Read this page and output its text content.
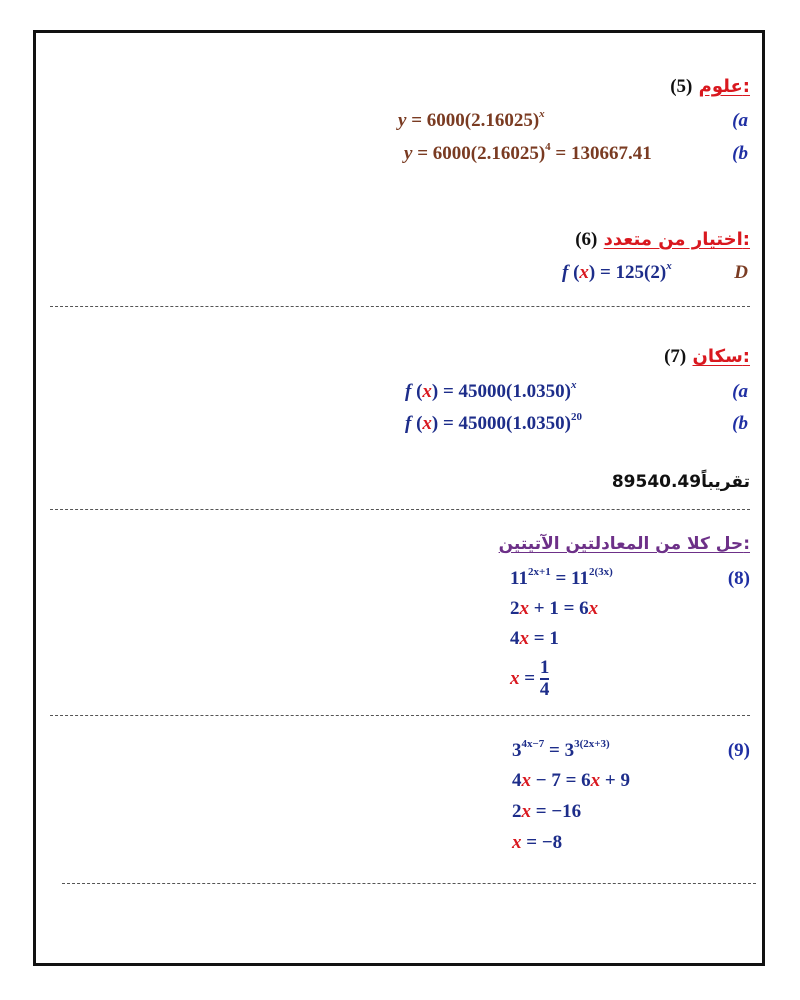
(5) علوم:
$y = 6000(2.16025)^x$	(a
$y = 6000(2.16025)^4 = 130667.41$	(b
(6) اختيار من متعدد:
f $(x) = 125(2)^x$	D
(7) سكان:
f $(x) = 45000(1.0350)^x$	(a
f $(x) = 45000(1.0350)^{20}$	(b
تقريباً89540.49
حل كلا من المعادلتين الآتيتين:
(8)
$11^{2x+1} = 11^{2(3x)}$
2x + 1 = 6x
4x = 1
$x = \frac{1}{4}$
(9)
$3^{4x-7} = 3^{3(2x+3)}$
4x − 7 = 6x + 9
2x = −16
x = −8
